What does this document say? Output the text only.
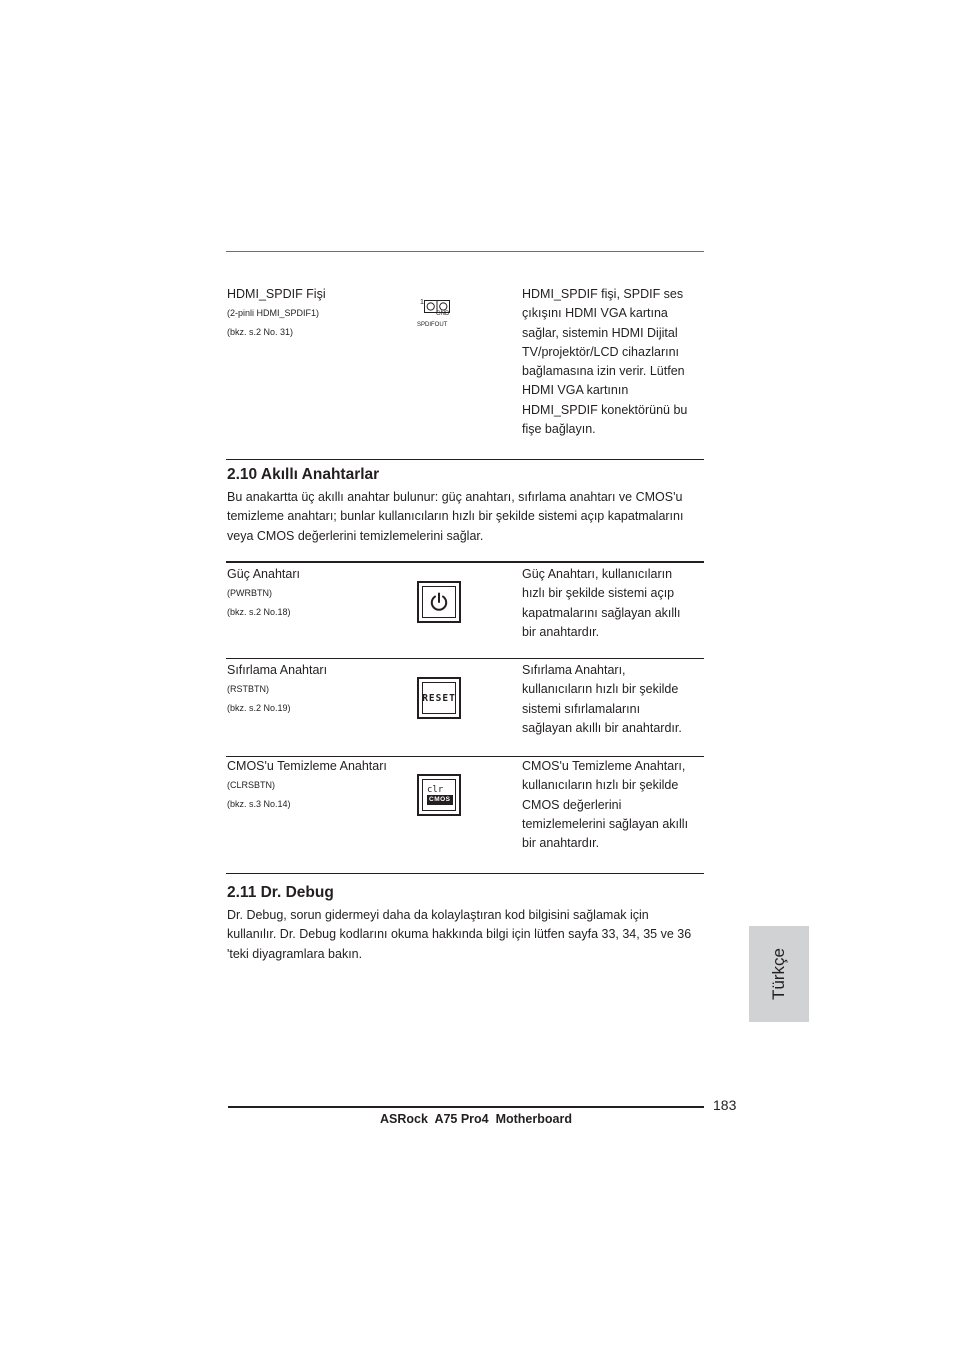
HDMI_SPDIF Fişi
(2-pinli HDMI_SPDIF1)
(bkz. s.2 No. 31)
1
GND
SPDIFOUT
HDMI_SPDIF fişi, SPDIF ses
çıkışını HDMI VGA kartına
sağlar, sistemin HDMI Dijital
TV/projektör/LCD cihazlarını
bağlamasına izin verir. Lütfen
HDMI VGA kartının
HDMI_SPDIF konektörünü bu
fişe bağlayın.
2.10 Akıllı Anahtarlar
Bu anakartta üç akıllı anahtar bulunur: güç anahtarı, sıfırlama anahtarı ve CMOS'u
temizleme anahtarı; bunlar kullanıcıların hızlı bir şekilde sistemi açıp kapatmalarını
veya CMOS değerlerini temizlemelerini sağlar.
Güç Anahtarı
(PWRBTN)
(bkz. s.2 No.18)
Güç Anahtarı, kullanıcıların
hızlı bir şekilde sistemi açıp
kapatmalarını sağlayan akıllı
bir anahtardır.
Sıfırlama Anahtarı
(RSTBTN)
(bkz. s.2 No.19)
RESET
Sıfırlama Anahtarı,
kullanıcıların hızlı bir şekilde
sistemi sıfırlamalarını
sağlayan akıllı bir anahtardır.
CMOS'u Temizleme Anahtarı
(CLRSBTN)
(bkz. s.3 No.14)
clr
CMOS
CMOS'u Temizleme Anahtarı,
kullanıcıların hızlı bir şekilde
CMOS değerlerini
temizlemelerini sağlayan akıllı
bir anahtardır.
2.11 Dr. Debug
Dr. Debug, sorun gidermeyi daha da kolaylaştıran kod bilgisini sağlamak için
kullanılır. Dr. Debug kodlarını okuma hakkında bilgi için lütfen sayfa 33, 34, 35 ve 36
'teki diyagramlara bakın.	Türkçe
183
ASRock  A75 Pro4  Motherboard
